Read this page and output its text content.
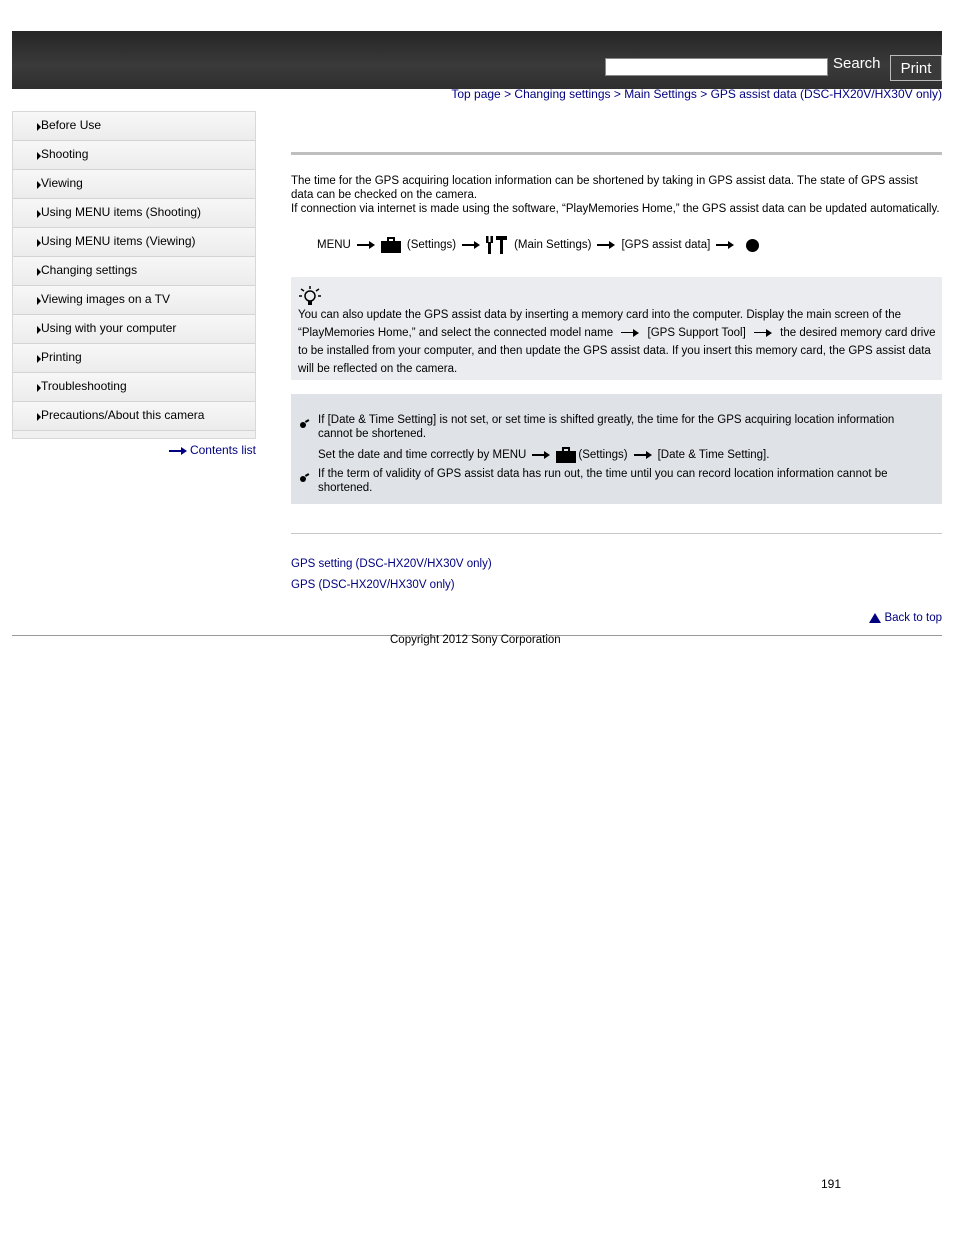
Search	Print
Top page > Changing settings > Main Settings > GPS assist data (DSC-HX20V/HX30V only)
Before Use
Shooting
Viewing
Using MENU items (Shooting)
Using MENU items (Viewing)
Changing settings
Viewing images on a TV
Using with your computer
Printing
Troubleshooting
Precautions/About this camera
Contents list
The time for the GPS acquiring location information can be shortened by taking in GPS assist data. The state of GPS assist data can be checked on the camera.
If connection via internet is made using the software, “PlayMemories Home,” the GPS assist data can be updated automatically.
MENU	(Settings)	(Main Settings)	[GPS assist data]
You can also update the GPS assist data by inserting a memory card into the computer. Display the main screen of the “PlayMemories Home,” and select the connected model name	[GPS Support Tool]	the desired memory card drive to be installed from your computer, and then update the GPS assist data. If you insert this memory card, the GPS assist data will be reflected on the camera.
If [Date & Time Setting] is not set, or set time is shifted greatly, the time for the GPS acquiring location information cannot be shortened.
Set the date and time correctly by MENU	(Settings)	[Date & Time Setting].
If the term of validity of GPS assist data has run out, the time until you can record location information cannot be shortened.
GPS setting (DSC-HX20V/HX30V only)
GPS (DSC-HX20V/HX30V only)
Back to top
Copyright 2012 Sony Corporation
191
